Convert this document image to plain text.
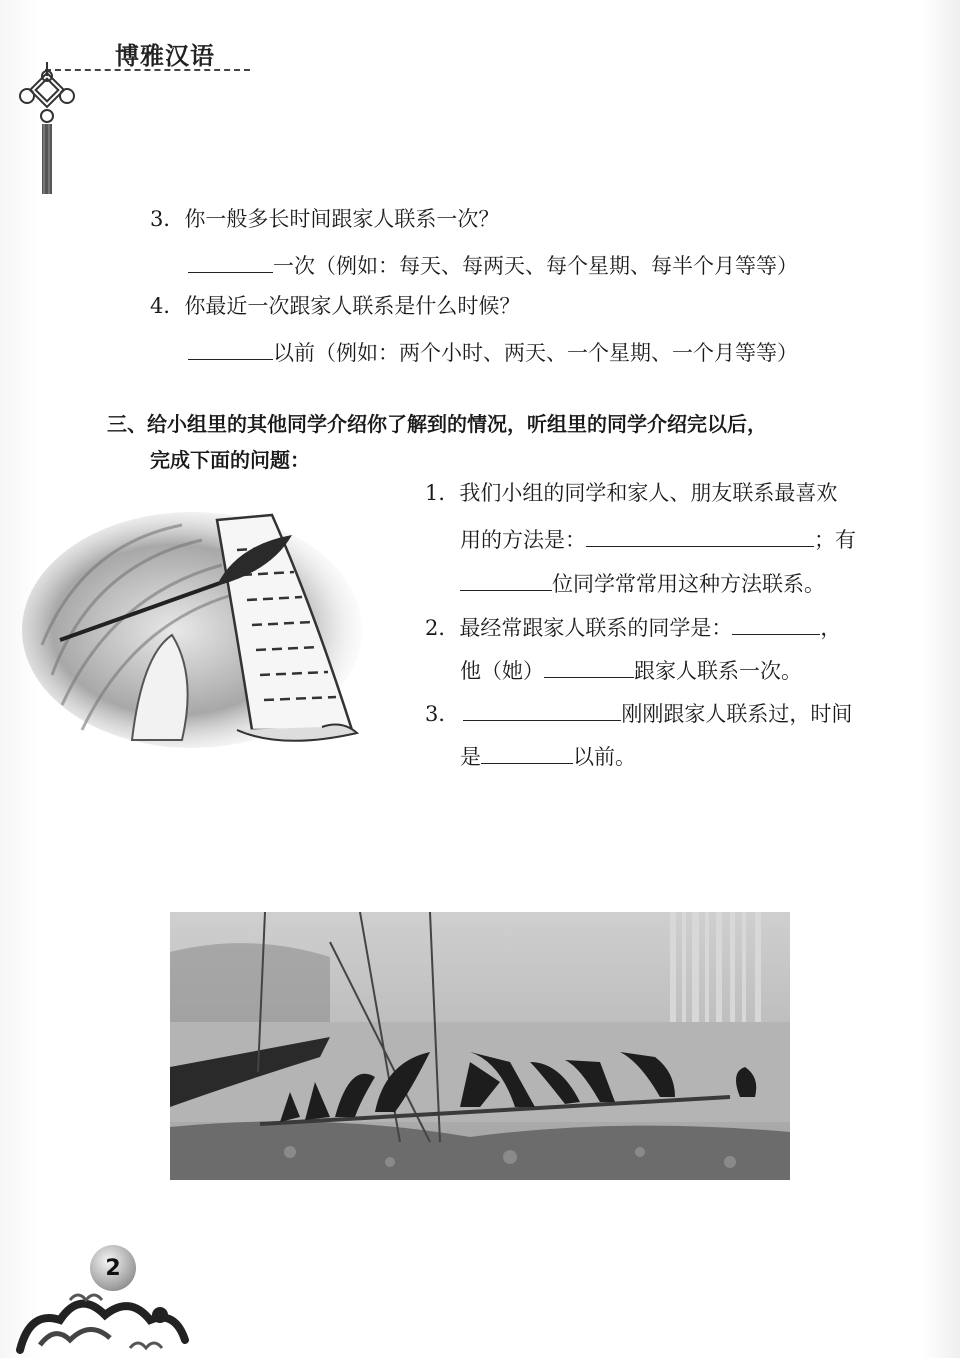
博雅汉语
3．你一般多长时间跟家人联系一次？
一次（例如：每天、每两天、每个星期、每半个月等等）
4．你最近一次跟家人联系是什么时候？
以前（例如：两个小时、两天、一个星期、一个月等等）
三、给小组里的其他同学介绍你了解到的情况，听组里的同学介绍完以后，
完成下面的问题：
1．我们小组的同学和家人、朋友联系最喜欢
用的方法是：	；有
位同学常常用这种方法联系。
2．最经常跟家人联系的同学是：	，
他（她）	跟家人联系一次。
3．	刚刚跟家人联系过，时间
是	以前。
2
